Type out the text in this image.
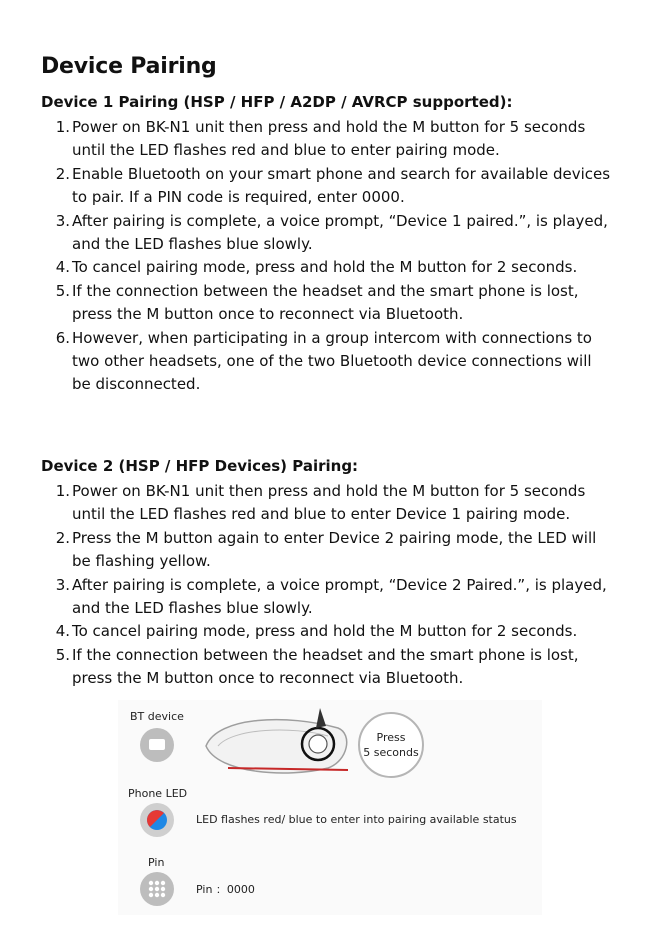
Device Pairing
Device 1 Pairing (HSP / HFP / A2DP / AVRCP supported):
1. Power on BK-N1 unit then press and hold the M button for 5 seconds
until the LED flashes red and blue to enter pairing mode.
2. Enable Bluetooth on your smart phone and search for available devices
to pair. If a PIN code is required, enter 0000.
3. After pairing is complete, a voice prompt, “Device 1 paired.”, is played,
and the LED flashes blue slowly.
4. To cancel pairing mode, press and hold the M button for 2 seconds.
5. If the connection between the headset and the smart phone is lost,
press the M button once to reconnect via Bluetooth.
6. However, when participating in a group intercom with connections to
two other headsets, one of the two Bluetooth device connections will
be disconnected.
Device 2 (HSP / HFP Devices) Pairing:
1. Power on BK-N1 unit then press and hold the M button for 5 seconds
until the LED flashes red and blue to enter Device 1 pairing mode.
2. Press the M button again to enter Device 2 pairing mode, the LED will
be flashing yellow.
3. After pairing is complete, a voice prompt, “Device 2 Paired.”, is played,
and the LED flashes blue slowly.
4. To cancel pairing mode, press and hold the M button for 2 seconds.
5. If the connection between the headset and the smart phone is lost,
press the M button once to reconnect via Bluetooth.
BT device
Press
5 seconds
Phone LED
LED flashes red/ blue to enter into pairing available status
Pin
Pin ：0000
